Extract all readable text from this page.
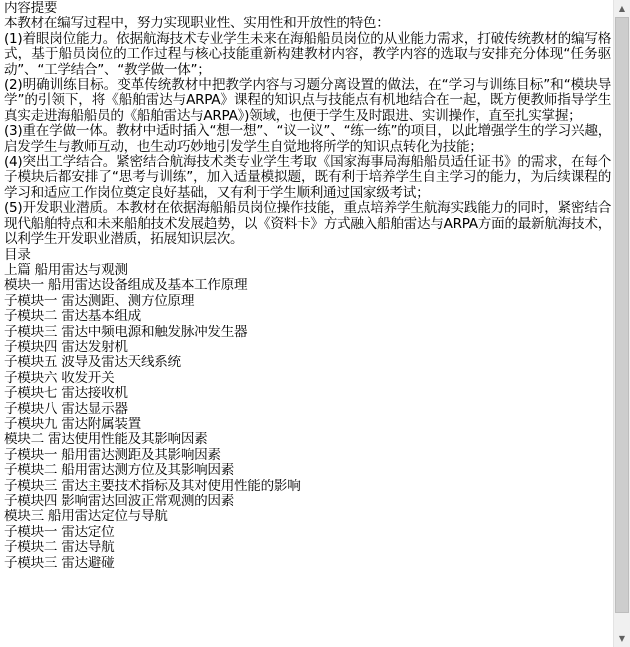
内容提要
本教材在编写过程中，努力实现职业性、实用性和开放性的特色：
(1)着眼岗位能力。依据航海技术专业学生未来在海船船员岗位的从业能力需求，打破传统教材的编写格式，基于船员岗位的工作过程与核心技能重新构建教材内容，教学内容的选取与安排充分体现“任务驱动”、“工学结合”、“教学做一体”；
(2)明确训练目标。变革传统教材中把教学内容与习题分离设置的做法，在“学习与训练目标”和“模块导学”的引领下，将《船舶雷达与ARPA》课程的知识点与技能点有机地结合在一起，既方便教师指导学生真实走进海船船员的《船舶雷达与ARPA》)领域，也便于学生及时跟进、实训操作，直至扎实掌握；
(3)重在学做一体。教材中适时插入“想一想”、“议一议”、“练一练”的项目，以此增强学生的学习兴趣，启发学生与教师互动，也生动巧妙地引发学生自觉地将所学的知识点转化为技能；
(4)突出工学结合。紧密结合航海技术类专业学生考取《国家海事局海船船员适任证书》的需求，在每个子模块后都安排了“思考与训练”，加入适量模拟题，既有利于培养学生自主学习的能力，为后续课程的学习和适应工作岗位奠定良好基础，又有利于学生顺利通过国家级考试；
(5)开发职业潜质。本教材在依据海船船员岗位操作技能，重点培养学生航海实践能力的同时，紧密结合现代船舶特点和未来船舶技术发展趋势，以《资料卡》方式融入船舶雷达与ARPA方面的最新航海技术，以利学生开发职业潜质，拓展知识层次。
目录
上篇 船用雷达与观测
模块一 船用雷达设备组成及基本工作原理
子模块一 雷达测距、测方位原理
子模块二 雷达基本组成
子模块三 雷达中频电源和触发脉冲发生器
子模块四 雷达发射机
子模块五 波导及雷达天线系统
子模块六 收发开关
子模块七 雷达接收机
子模块八 雷达显示器
子模块九 雷达附属装置
模块二 雷达使用性能及其影响因素
子模块一 船用雷达测距及其影响因素
子模块二 船用雷达测方位及其影响因素
子模块三 雷达主要技术指标及其对使用性能的影响
子模块四 影响雷达回波正常观测的因素
模块三 船用雷达定位与导航
子模块一 雷达定位
子模块二 雷达导航
子模块三 雷达避碰
▲
▼
